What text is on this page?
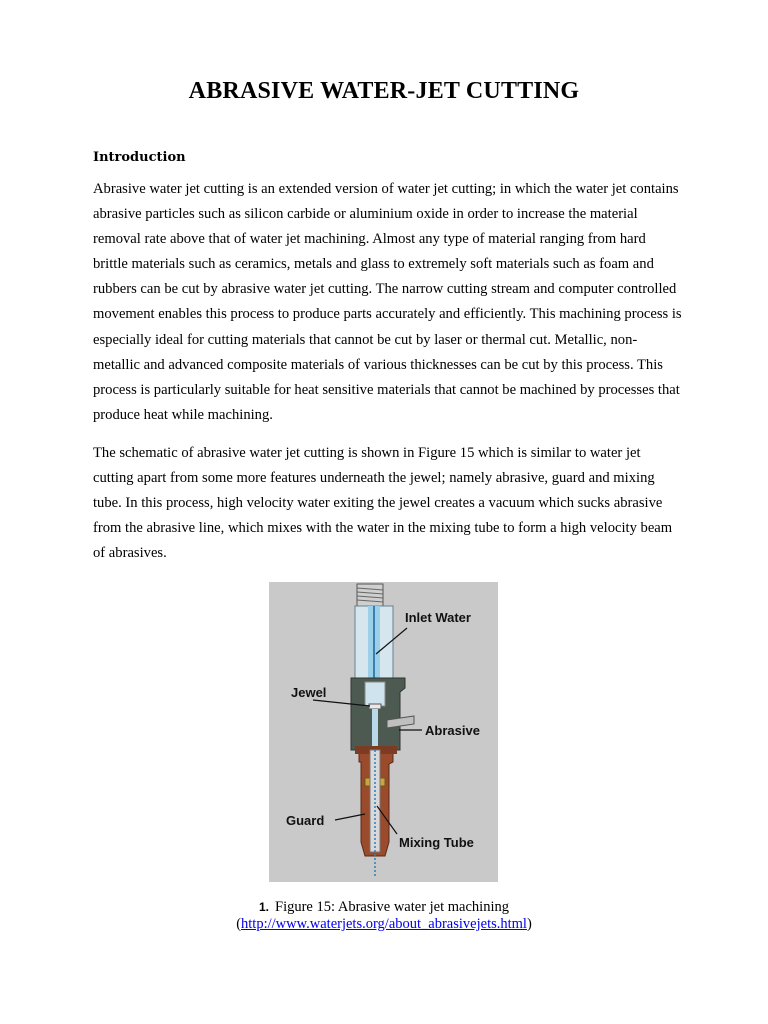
ABRASIVE WATER-JET CUTTING
Introduction

Abrasive water jet cutting is an extended version of water jet cutting; in which the water jet contains abrasive particles such as silicon carbide or aluminium oxide in order to increase the material removal rate above that of water jet machining. Almost any type of material ranging from hard brittle materials such as ceramics, metals and glass to extremely soft materials such as foam and rubbers can be cut by abrasive water jet cutting. The narrow cutting stream and computer controlled movement enables this process to produce parts accurately and efficiently. This machining process is especially ideal for cutting materials that cannot be cut by laser or thermal cut. Metallic, non-metallic and advanced composite materials of various thicknesses can be cut by this process. This process is particularly suitable for heat sensitive materials that cannot be machined by processes that produce heat while machining.

The schematic of abrasive water jet cutting is shown in Figure 15 which is similar to water jet cutting apart from some more features underneath the jewel; namely abrasive, guard and mixing tube. In this process, high velocity water exiting the jewel creates a vacuum which sucks abrasive from the abrasive line, which mixes with the water in the mixing tube to form a high velocity beam of abrasives.

Inlet Water
Jewel
Abrasive
Guard
Mixing Tube

1. Figure 15: Abrasive water jet machining

(http://www.waterjets.org/about_abrasivejets.html)
